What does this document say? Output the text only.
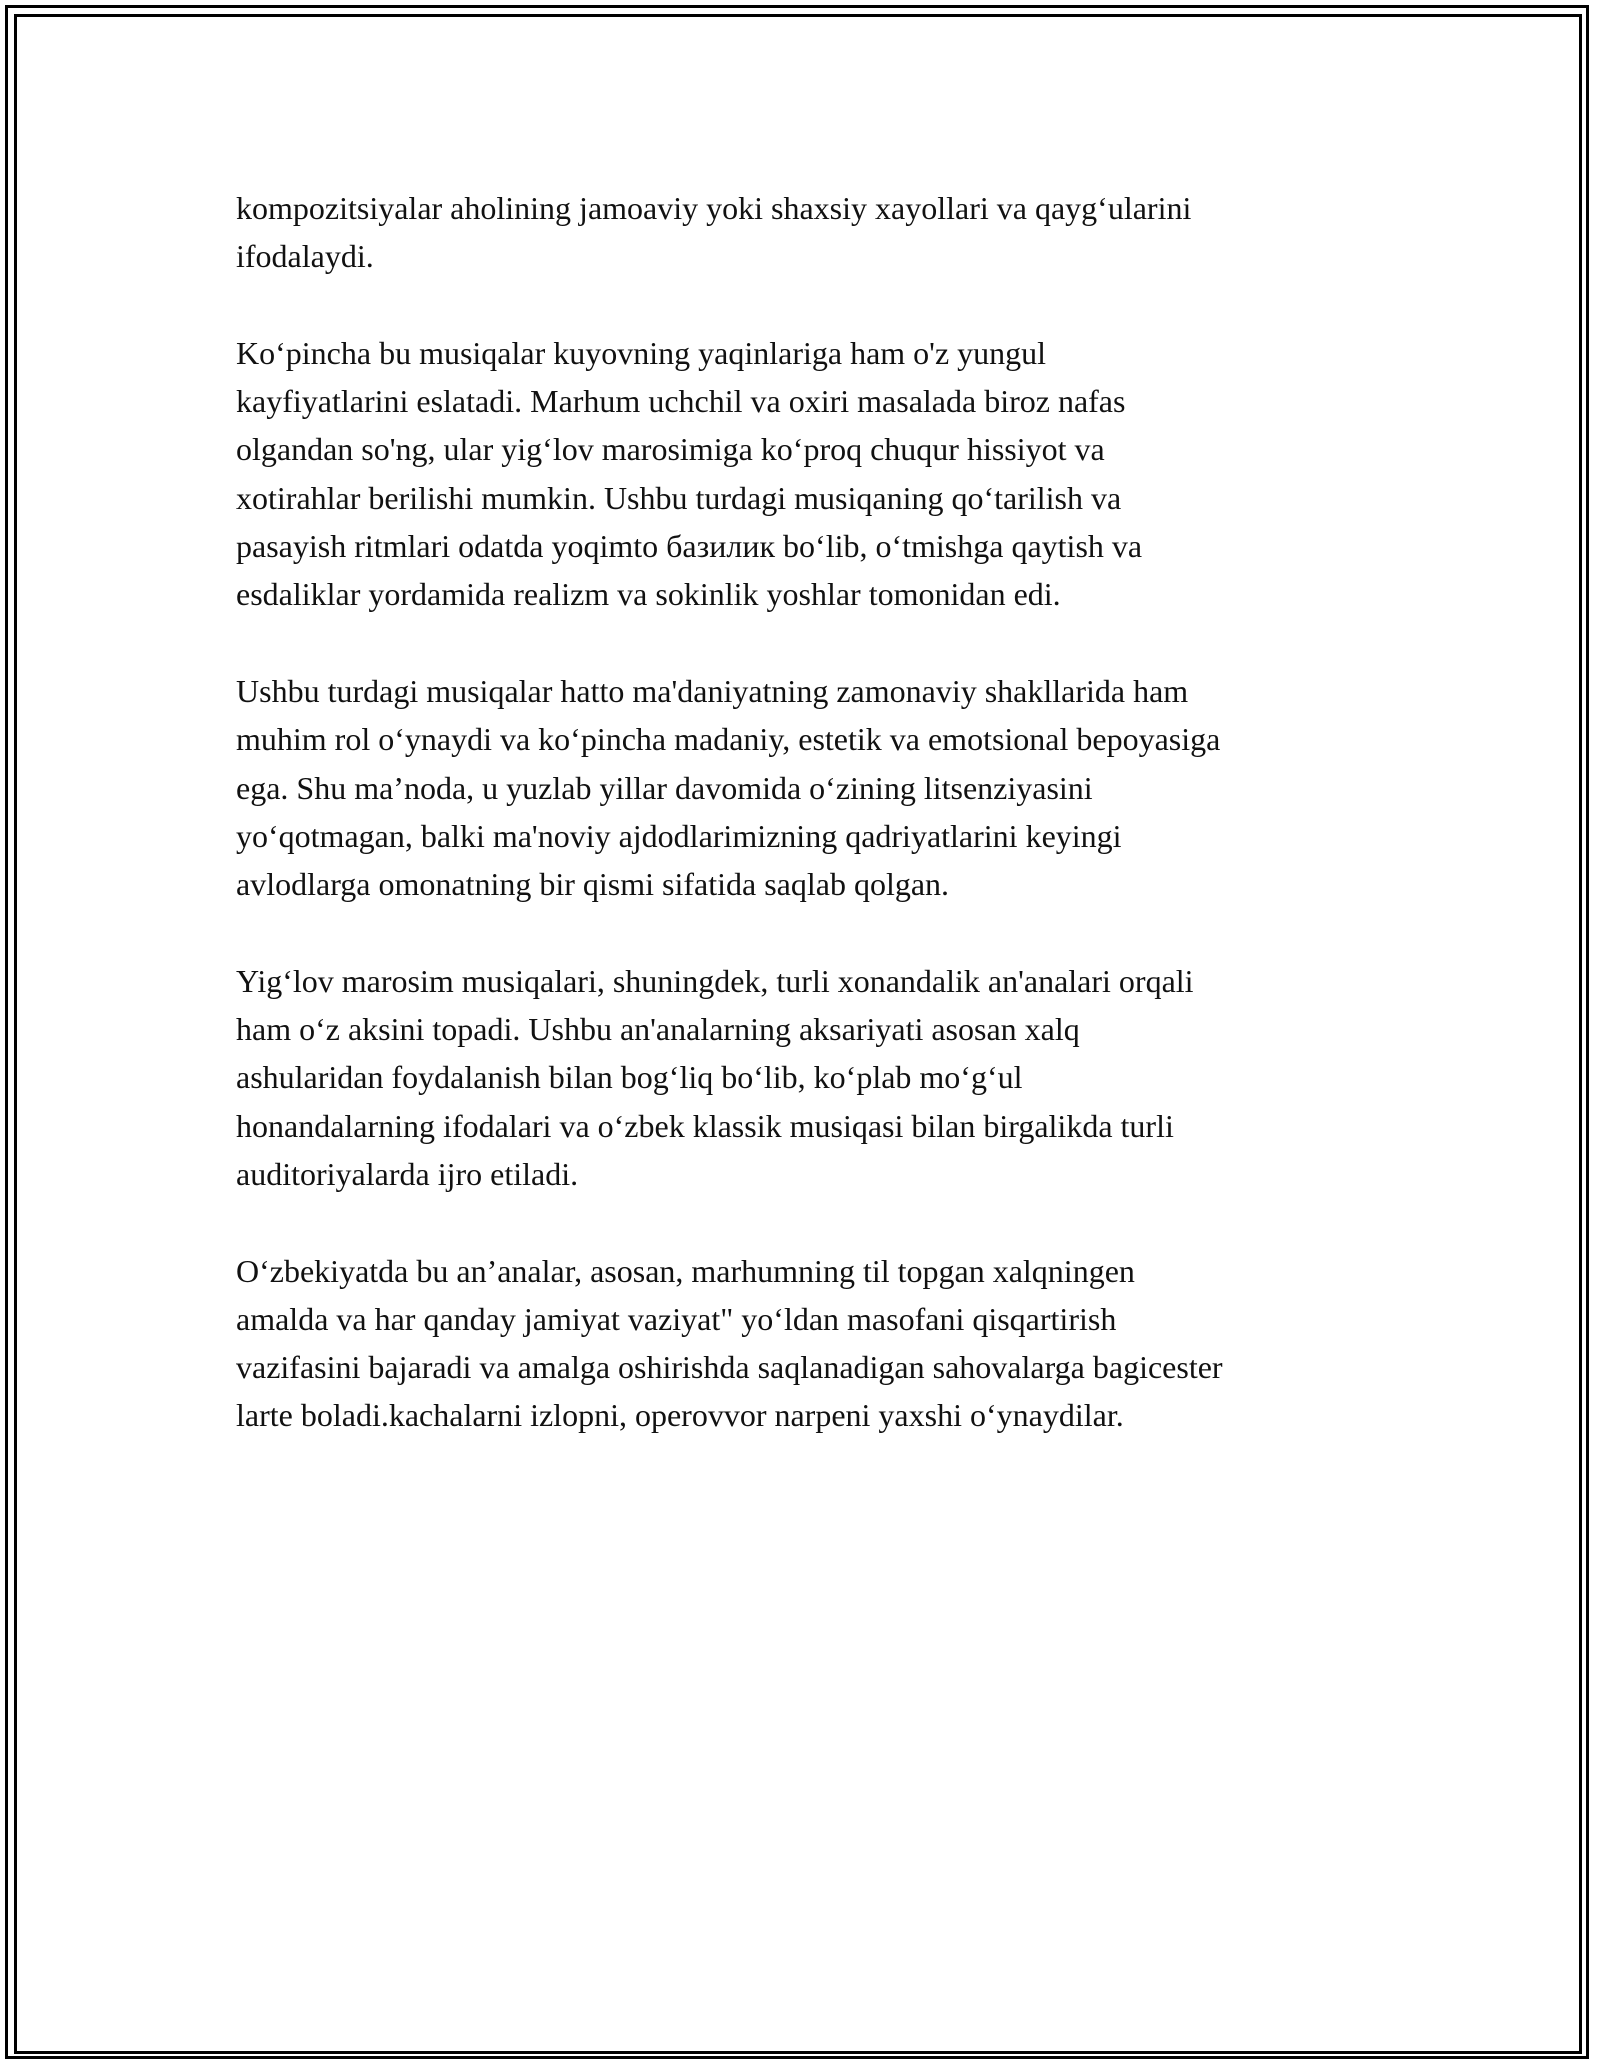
kompozitsiyalar aholining jamoaviy yoki shaxsiy xayollari va qaygʻularini
ifodalaydi.

Koʻpincha bu musiqalar kuyovning yaqinlariga ham o'z yungul
kayfiyatlarini eslatadi. Marhum uchchil va oxiri masalada biroz nafas
olgandan so'ng, ular yigʻlov marosimiga koʻproq chuqur hissiyot va
xotirahlar berilishi mumkin. Ushbu turdagi musiqaning qoʻtarilish va
pasayish ritmlari odatda yoqimto базилик boʻlib, oʻtmishga qaytish va
esdaliklar yordamida realizm va sokinlik yoshlar tomonidan edi.

Ushbu turdagi musiqalar hatto ma'daniyatning zamonaviy shakllarida ham
muhim rol oʻynaydi va koʻpincha madaniy, estetik va emotsional bepoyasiga
ega. Shu ma’noda, u yuzlab yillar davomida oʻzining litsenziyasini
yoʻqotmagan, balki ma'noviy ajdodlarimizning qadriyatlarini keyingi
avlodlarga omonatning bir qismi sifatida saqlab qolgan.

Yigʻlov marosim musiqalari, shuningdek, turli xonandalik an'analari orqali
ham oʻz aksini topadi. Ushbu an'analarning aksariyati asosan xalq
ashularidan foydalanish bilan bogʻliq boʻlib, koʻplab moʻgʻul
honandalarning ifodalari va oʻzbek klassik musiqasi bilan birgalikda turli
auditoriyalarda ijro etiladi.

Oʻzbekiyatda bu an’analar, asosan, marhumning til topgan xalqningen
amalda va har qanday jamiyat vaziyat" yoʻldan masofani qisqartirish
vazifasini bajaradi va amalga oshirishda saqlanadigan sahovalarga bagicester
larte boladi.kachalarni izlopni, operovvor narpeni yaxshi oʻynaydilar.
